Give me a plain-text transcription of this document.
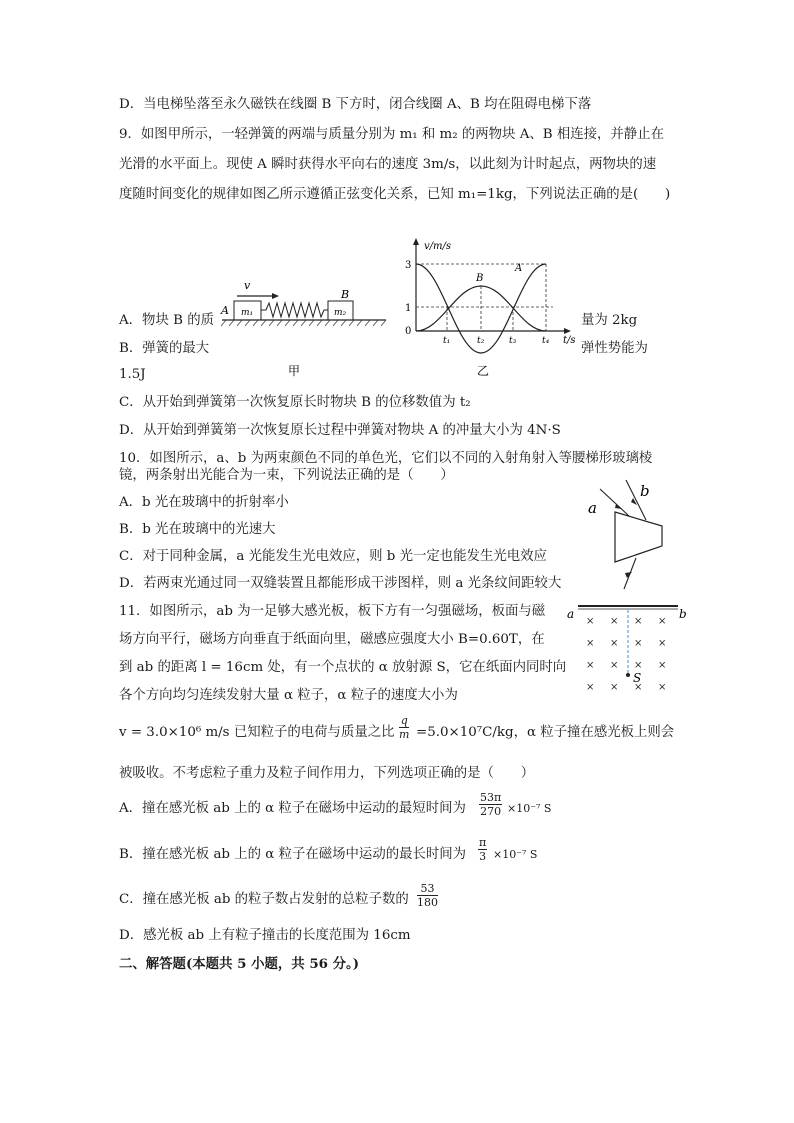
D．当电梯坠落至永久磁铁在线圈 B 下方时，闭合线圈 A、B 均在阻碍电梯下落
9．如图甲所示，一轻弹簧的两端与质量分别为 m₁ 和 m₂ 的两物块 A、B 相连接，并静止在
光滑的水平面上。现使 A 瞬时获得水平向右的速度 3m/s，以此刻为计时起点，两物块的速
度随时间变化的规律如图乙所示遵循正弦变化关系，已知 m₁=1kg，下列说法正确的是(　　)
v
A
B
m₁	m₂
甲
v/m/s
t/s
3
1
0
A
B
t₁	t₂	t₃	t₄
乙
A．物块 B 的质	量为 2kg
B．弹簧的最大	弹性势能为
1.5J
C．从开始到弹簧第一次恢复原长时物块 B 的位移数值为 t₂
D．从开始到弹簧第一次恢复原长过程中弹簧对物块 A 的冲量大小为 4N·S
10．如图所示，a、b 为两束颜色不同的单色光，它们以不同的入射角射入等腰梯形玻璃棱
镜，两条射出光能合为一束，下列说法正确的是（　　）
A．b 光在玻璃中的折射率小
B．b 光在玻璃中的光速大
C．对于同种金属，a 光能发生光电效应，则 b 光一定也能发生光电效应
D．若两束光通过同一双缝装置且都能形成干涉图样，则 a 光条纹间距较大
a
b
11．如图所示，ab 为一足够大感光板，板下方有一匀强磁场，板面与磁
场方向平行，磁场方向垂直于纸面向里，磁感应强度大小 B=0.60T，在
到 ab 的距离 l = 16cm 处，有一个点状的 α 放射源 S，它在纸面内同时向
各个方向均匀连续发射大量 α 粒子，α 粒子的速度大小为
a	b
× × × ×
× × × ×
× × × ×
× × × ×
S
v = 3.0×10⁶ m/s 已知粒子的电荷与质量之比 $\frac{q}{m} =5.0\times 10^7C/kg$，α 粒子撞在感光板上则会
被吸收。不考虑粒子重力及粒子间作用力，下列选项正确的是（　　）
A．撞在感光板 ab 上的 α 粒子在磁场中运动的最短时间为 $\frac{53\pi}{270} \times 10^{-7}$ S
B．撞在感光板 ab 上的 α 粒子在磁场中运动的最长时间为 $\frac{\pi}{3} \times 10^{-7}$ S
C．撞在感光板 ab 的粒子数占发射的总粒子数的 $\frac{53}{180}$
D．感光板 ab 上有粒子撞击的长度范围为 16cm
二、解答题(本题共 5 小题，共 56 分。)
